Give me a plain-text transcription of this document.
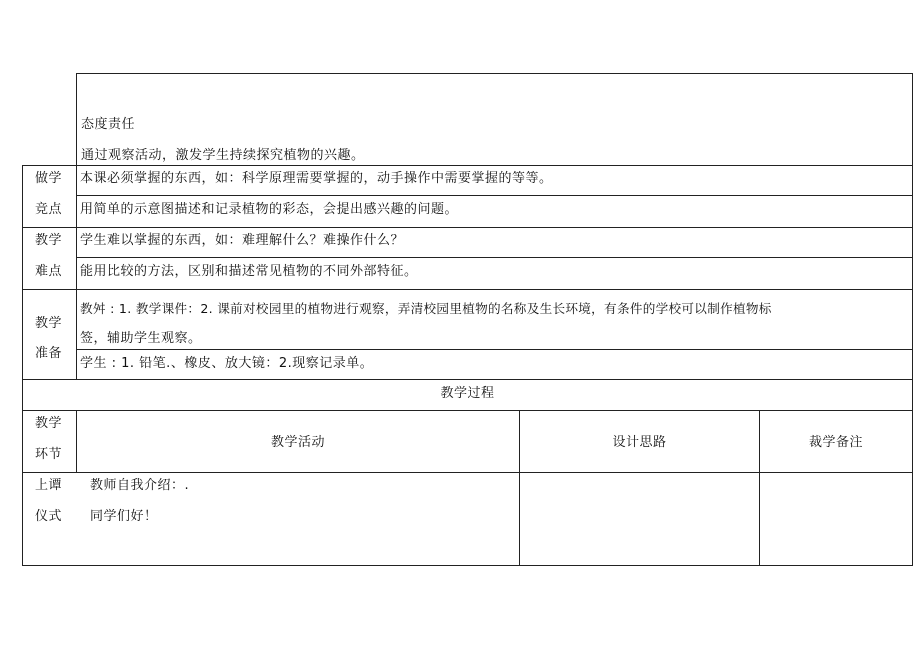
态度责任
通过观察活动，激发学生持续探究植物的兴趣。
做学
竞点
本课必须掌握的东西，如：科学原理需要掌握的，动手操作中需要掌握的等等。
用简单的示意图描述和记录植物的彩态，会提出感兴趣的问题。
教学
难点
学生难以掌握的东西，如：难理解什么？难操作什么？
能用比较的方法，区别和描述常见植物的不同外部特征。
教学
准备
教舛 : 1. 教学课件：2. 课前对校园里的植物进行观察，弄清校园里植物的名称及生长环境，有条件的学校可以制作植物标
签，辅助学生观察。
学生 : 1. 铅笔.、橡皮、放大镜：2.现察记录单。
教学过程
教学
环节
教学活动	设计思路	裁学备注
上谭
仪式
教师自我介绍：.
同学们好！
